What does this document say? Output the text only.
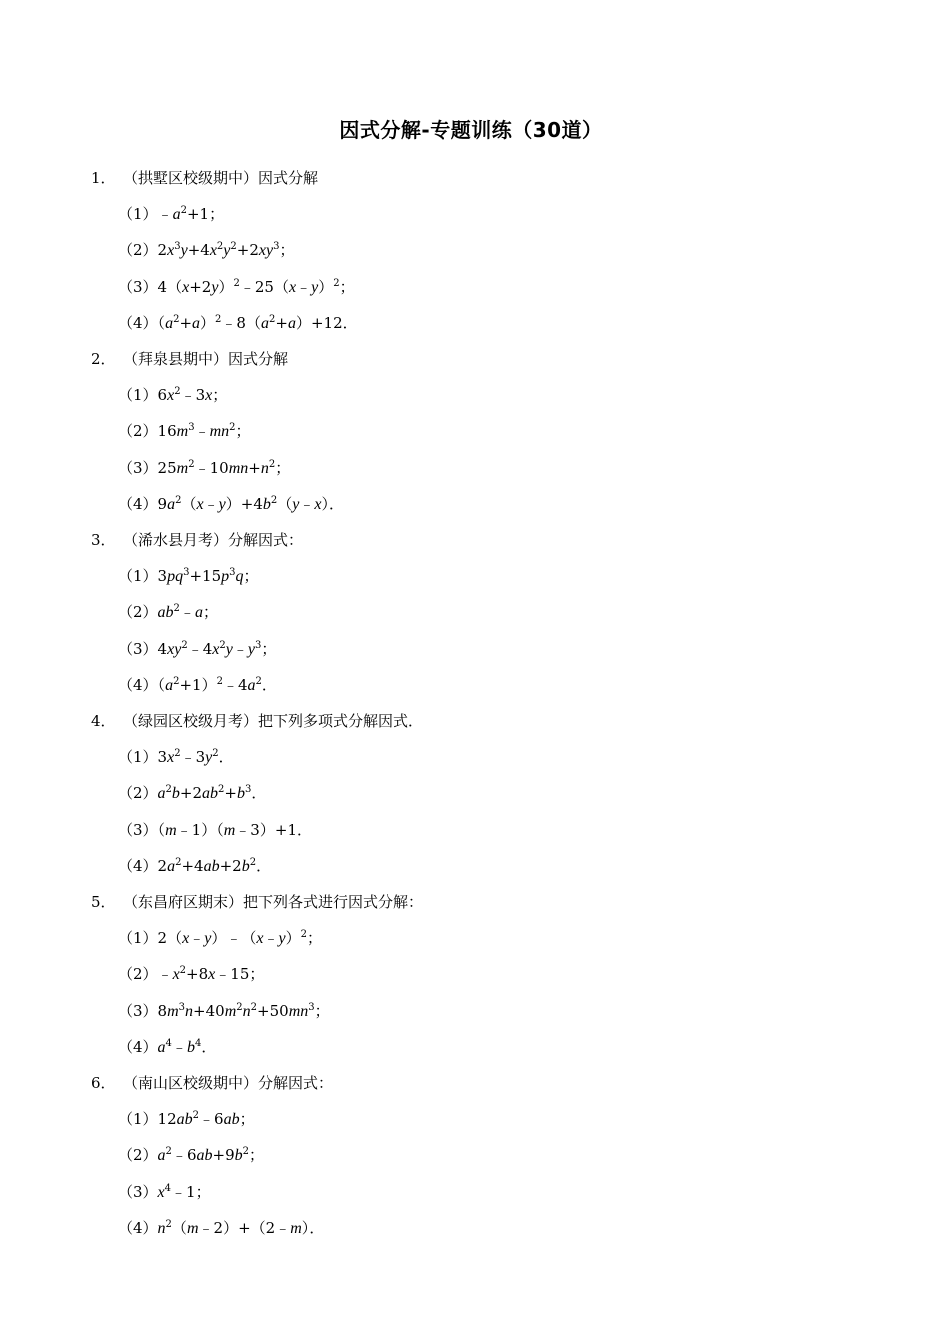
因式分解-专题训练（30道）
1． （拱墅区校级期中）因式分解
$(1)﹣a^2+1$；
$(2)2x^3y+4x^2y^2+2xy^3$；
$(3)4(x+2y)^2﹣25(x﹣y)^2$；
$(4)(a^2+a)^2﹣8(a^2+a)+12$．
2． （拜泉县期中）因式分解
$(1)6x^2﹣3x$；
$(2)16m^3﹣mn^2$；
$(3)25m^2﹣10mn+n^2$；
$(4)9a^2(x﹣y)+4b^2(y﹣x)$．
3． （浠水县月考）分解因式：
$(1)3pq^3+15p^3q$；
$(2)ab^2﹣a$；
$(3)4xy^2﹣4x^2y﹣y^3$；
$(4)(a^2+1)^2﹣4a^2$．
4． （绿园区校级月考）把下列多项式分解因式．
$(1)3x^2﹣3y^2$．
$(2)a^2b+2ab^2+b^3$．
（3）（m﹣1）（m﹣3）+1．
$(4)2a^2+4ab+2b^2$．
5． （东昌府区期末）把下列各式进行因式分解：
（1）2（x﹣y）﹣（x﹣y）$^2$；
$(2)﹣x^2+8x﹣15$；
$(3)8m^3n+40m^2n^2+50mn^3$；
$(4)a^4﹣b^4$．
6． （南山区校级期中）分解因式：
$(1)12ab^2﹣6ab$；
$(2)a^2﹣6ab+9b^2$；
$(3)x^4﹣1$；
$(4)n^2(m﹣2)+(2﹣m)$．
